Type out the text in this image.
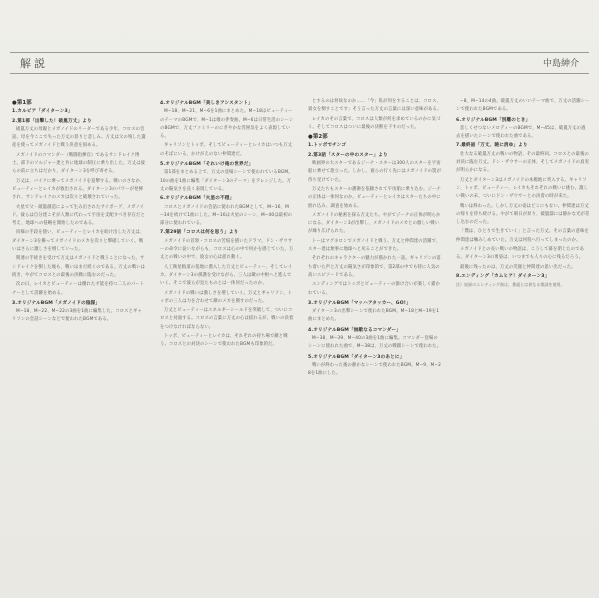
解説	中島紳介

●第1部

1.カルピア「ダイターン3」

2.第1部「出撃した！破嵐万丈」より

破嵐万丈の母親とメガノイドのリーダーである少年、コロスの会話。母を今ここで失った万丈の怒りと悲しみ。万丈は父の残した遺産を使ってメガノイドと戦う決意を固める。

メガノイドのコマンダー（戦闘指揮官）であるサンドレイク博士。部下のソルジャー達と共に地球の制圧に乗り出した。万丈は彼らの前に立ちはだかり、ダイターン3を呼び寄せる。

万丈は、バイクに乗ってメガノイドを追撃する。戦いのさなか、ビューティーとレイカが救出される。ダイターン3のパワーが発揮され、サンドレイクのメカは次々と破壊されていった。

火星で父・破嵐創造によって生み出されたサイボーグ、メガノイド。彼らは自分達こそが人類に代わって宇宙を支配すべき存在だと考え、地球への侵略を開始したのである。

同様の手段を使い、ビューティーとレイカを助け出した万丈は、ダイターン3を操ってメガノイドのメカを次々と撃破していく。戦いはさらに激しさを増していった。

関連の手続きを受けて万丈はメガノイドと戦うことになった。サンドレイクを倒した後も、戦いはまだ続くのである。万丈の戦いは続き、やがてコロスとの最後の決戦に臨むのだった。

次の日、レイカとビューティーは優れた才能を持つ二人のパートナーとして活躍を始める。

3.オリジナルBGM「メガノイドの陰謀」

M−18、M−22、M−22の3曲を1曲に編集した。コロスとギャリソンの会話シーンなどで使われたBGMである。

4.オリジナルBGM「美しきアシスタント」

M−18、M−21、M−6を1曲にまとめた。M−18はビューティーのテーマのBGMで、M−1は歌の伴奏曲。M−6は日常生活のシーンのBGMで、万丈ファミリーのにぎやかな雰囲気をよく表現している。

ギャリソンとトッポ、そしてビューティーとレイカはいつも万丈のそばにいる、かけがえのない仲間達だ。

5.オリジナルBGM「それいけ俺の世界だ」

第1部をまとめる上で、万丈の登場シーンで使われているBGM。10の曲を1曲に編集「ダイターン3のテーマ」をアレンジした。万丈の陽気さを良く表現している。

6.オリジナルBGM「火星の不穏」

コロスとメガノイドの会話に使われたBGMとして、M−16、M−34を続けて1曲にした。M−16は火星のシーン、M−40は最初の部分に使われている。

7.第29話「コロスは何を思う」より

メガノイドの首領・コロスの苦悩を描いたドラマ。ドン・ザウサーの命令に従いながらも、コロスは心の中で何かを感じていた。万丈との戦いの中で、彼女の心は揺れ動く。

人工衛星軌道の基地に潜入した万丈とビューティー、そしてレイカ。ダイターン3の援護を受けながら、三人は敵の中枢へと進んでいく。そこで彼らが見たものとは一体何だったのか。

メガノイドの戦いは激しさを増していく。万丈とギャリソン、トッポの三人は力を合わせて敵のメカを倒すのだった。

万丈とビューティーはエネルギーシールドを突破して、ついにコロスと対面する。コロスの言葉に万丈の心は揺れるが、戦いの決着をつけなければならない。

トッポ、ビューティーとレイカは、それぞれの持ち場で敵と戦う。コロスとの対決のシーンで使われたBGMも印象的だ。

とするのは何故なのか……「今」私が何をすることは、コロス、貴女を倒すことです」そう言った万丈の言葉には深い意味がある。

レイカのその言葉で、コロスは人類が何を求めているのかに気づく。そしてコロスはついに最後の決断を下すのだった。

●第2部

1.トッポでチンゴ

2.第3話「スターの中のスター」より

映画界の大スターであるジーナ・スターは300人のスターを宇宙船に乗せて旅立った。しかし、彼らの行く先にはメガノイドの罠が待ち受けていた。

万丈たちもスターの護衛を依頼されて宇宙船に乗り込む。ジーナの正体は一体何なのか。ビューティーとレイカはスターたちの中に紛れ込み、調査を始める。

メガノイドの秘密を探る万丈たち。やがてジーナの正体が明らかになる。ダイターン3が出撃し、メガノイドのメカとの激しい戦いが繰り広げられた。

トーはマグネロンでメガノイドと戦う。万丈と仲間達の活躍で、スター達は無事に地球へと戻ることができた。

それぞれのキャラクターの魅力が描かれた一話。ギャリソンの落ち着いた声と万丈の陽気さが印象的で、第2部の中でも特に人気の高いエピソードである。

エンディングではトッポとビューティーの掛け合いが楽しく描かれている。

3.オリジナルBGM「マッハアタッカー、GO!」

ダイターン3の出撃シーンで使われたBGM。M−18とM−19を1曲にまとめた。

4.オリジナルBGM「無敵なるコマンダー」

M−38、M−39、M−40の3曲を1曲に編集。コマンダー登場のシーンに使われた曲で、M−38は、万丈の戦闘シーンで使われた。

5.オリジナルBGM「ダイターン3のあとに」

戦いが終わった後の静かなシーンで使われたBGM。M−9、M−28を1曲にした。

−8、M−14の4曲。破嵐万丈のいいテーマ曲で、万丈の活躍シーンで使われたBGMである。

6.オリジナルBGM「別離のとき」

悲しくせつないメロディーのBGMで、M−45は、破嵐万丈の過去を描いたシーンで使われた曲である。

7.最終話「万丈、暁に消ゆ」より

壮大なる破嵐万丈の戦いの物語、その最終回。コロスとの最後の対決に臨む万丈。ドン・ザウサーの正体、そしてメガノイドの真実が明らかになる。

万丈とダイターン3はメガノイドの本拠地に突入する。ギャリソン、トッポ、ビューティー、レイカもそれぞれの戦いに挑む。激しい戦いの末、ついにドン・ザウサーとの決着の時が来た。

戦いは終わった。しかし万丈の姿はどこにもない。仲間達は万丈の帰りを待ち続ける。やがて朝日が昇り、破嵐邸には静かな光が差し込むのだった。

「僕は、ひとりで生きていく」と言った万丈。その言葉の意味を仲間達は噛みしめていた。万丈は何処へ行ってしまったのか。

メガノイドとの長い戦いの物語は、こうして幕を閉じたのである。ダイターン3の勇姿は、いつまでも人々の心に残るだろう。

最後に残ったのは、万丈の笑顔と仲間達の思い出だった。

8.エンディング「カムヒア！ダイターン3」

注）収録のエンディング曲は、番組とは異なる歌詞を使用。
